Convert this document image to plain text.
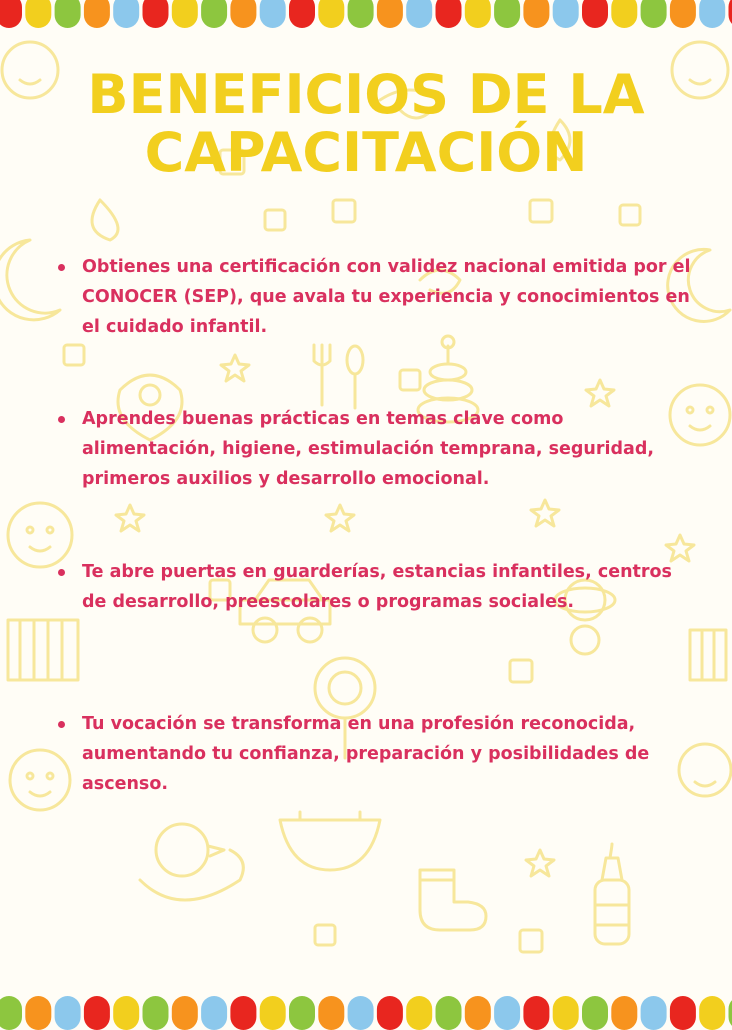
BENEFICIOS DE LA
CAPACITACIÓN
Obtienes una certificación con validez nacional emitida por el CONOCER (SEP), que avala tu experiencia y conocimientos en el cuidado infantil.
Aprendes buenas prácticas en temas clave como alimentación, higiene, estimulación temprana, seguridad, primeros auxilios y desarrollo emocional.
Te abre puertas en guarderías, estancias infantiles, centros de desarrollo, preescolares o programas sociales.
Tu vocación se transforma en una profesión reconocida, aumentando tu confianza, preparación y posibilidades de ascenso.
